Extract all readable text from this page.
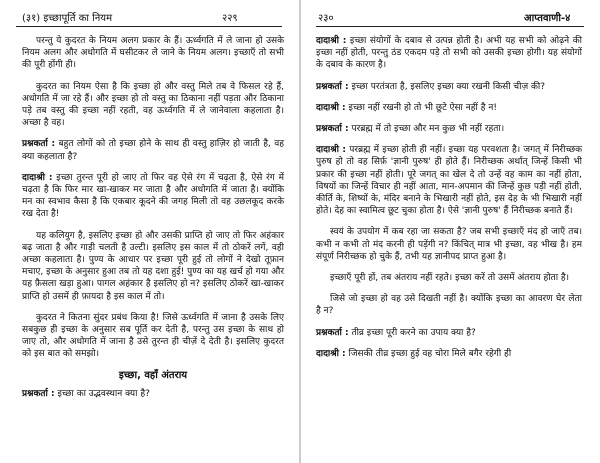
(३१) इच्छापूर्ति का नियम	२२९

परन्तु ये कुदरत के नियम अलग प्रकार के हैं। ऊर्ध्वगति में ले जाना हो उसके नियम अलग और अधोगति में घसीटकर ले जाने के नियम अलग। इच्छाएँ तो सभी की पूरी होंगी ही।

कुदरत का नियम ऐसा है कि इच्छा हो और वस्तु मिले तब वे फिसल रहे हैं, अधोगति में जा रहे हैं। और इच्छा हो तो वस्तु का ठिकाना नहीं पड़ता और ठिकाना पड़े तब वस्तु की इच्छा नहीं रहती, वह ऊर्ध्वगति में ले जानेवाला कहलाता है। अच्छा है वह।

प्रश्नकर्ता : बहुत लोगों को तो इच्छा होने के साथ ही वस्तु हाज़िर हो जाती है, वह क्या कहलाता है?

दादाश्री : इच्छा तुरन्त पूरी हो जाए तो फिर वह ऐसे रंग में चढ़ता है, ऐसे रंग में चढ़ता है कि फिर मार खा-खाकर मर जाता है और अधोगति में जाता है। क्योंकि मन का स्वभाव कैसा है कि एकबार कूदने की जगह मिली तो वह उछलकूद करके रख देता है!

यह कलियुग है, इसलिए इच्छा हो और उसकी प्राप्ति हो जाए तो फिर अहंकार बढ़ जाता है और गाड़ी चलती है उल्टी। इसलिए इस काल में तो ठोकरें लगें, वही अच्छा कहलाता है। पुण्य के आधार पर इच्छा पूरी हुई तो लोगों ने देखो तूफ़ान मचाए, इच्छा के अनुसार हुआ तब तो यह दशा हुई! पुण्य का यह खर्च हो गया और यह फ़ैसला खड़ा हुआ। पागल अहंकार है इसलिए हो न? इसलिए ठोकरें खा-खाकर प्राप्ति हो उसमें ही फ़ायदा है इस काल में तो।

कुदरत ने कितना सुंदर प्रबंध किया है! जिसे ऊर्ध्वगति में जाना है उसके लिए सबकुछ ही इच्छा के अनुसार सब पूर्ति कर देती है, परन्तु उस इच्छा के साथ हो जाए तो, और अधोगति में जाना है उसे तुरन्त ही चीज़ें दे देती है। इसलिए कुदरत को इस बात को समझो।

इच्छा, वहाँ अंतराय

प्रश्नकर्ता : इच्छा का उद्भवस्थान क्या है?

२३०	आप्तवाणी-४

दादाश्री : इच्छा संयोगों के दबाव से उत्पन्न होती है। अभी यह सभी को ओढ़ने की इच्छा नहीं होती, परन्तु ठंड एकदम पड़े तो सभी को उसकी इच्छा होगी। यह संयोगों के दबाव के कारण है।

प्रश्नकर्ता : इच्छा परतंत्रता है, इसलिए इच्छा क्या रखनी किसी चीज़ की?

दादाश्री : इच्छा नहीं रखनी हो तो भी छूटे ऐसा नहीं है न!

प्रश्नकर्ता : परब्रह्म में तो इच्छा और मन कुछ भी नहीं रहता।

दादाश्री : परब्रह्म में इच्छा होती ही नहीं। इच्छा यह परवशता है। जगत् में निरीच्छक पुरुष हो तो वह सिर्फ़ 'ज्ञानी पुरुष' ही होते हैं। निरीच्छक अर्थात् जिन्हें किसी भी प्रकार की इच्छा नहीं होती। पूरे जगत् का खेल दे तो उन्हें वह काम का नहीं होता, विषयों का जिन्हें विचार ही नहीं आता, मान-अपमान की जिन्हें कुछ पड़ी नहीं होती, कीर्ति के, शिष्यों के, मंदिर बनाने के भिखारी नहीं होते, इस देह के भी भिखारी नहीं होते। देह का स्वामित्व छूट चुका होता है। ऐसे 'ज्ञानी पुरुष' हैं निरीच्छक बनाते हैं।

स्वयं के उपयोग में कब रहा जा सकता है? जब सभी इच्छाएँ मंद हो जाएँ तब। कभी न कभी तो मंद करनी ही पड़ेंगी न? किंचित् मात्र भी इच्छा, वह भीख है। हम संपूर्ण निरीच्छक हो चुके हैं, तभी यह ज्ञानीपद प्राप्त हुआ है।

इच्छाएँ पूरी हों, तब अंतराय नहीं रहते। इच्छा करें तो उसमें अंतराय होता है।

जिसे जो इच्छा हो वह उसे दिखती नहीं है। क्योंकि इच्छा का आवरण घेर लेता है न?

प्रश्नकर्ता : तीव्र इच्छा पूरी करने का उपाय क्या है?

दादाश्री : जिसकी तीव्र इच्छा हुई वह चोरा मिले बगैर रहेगी ही
